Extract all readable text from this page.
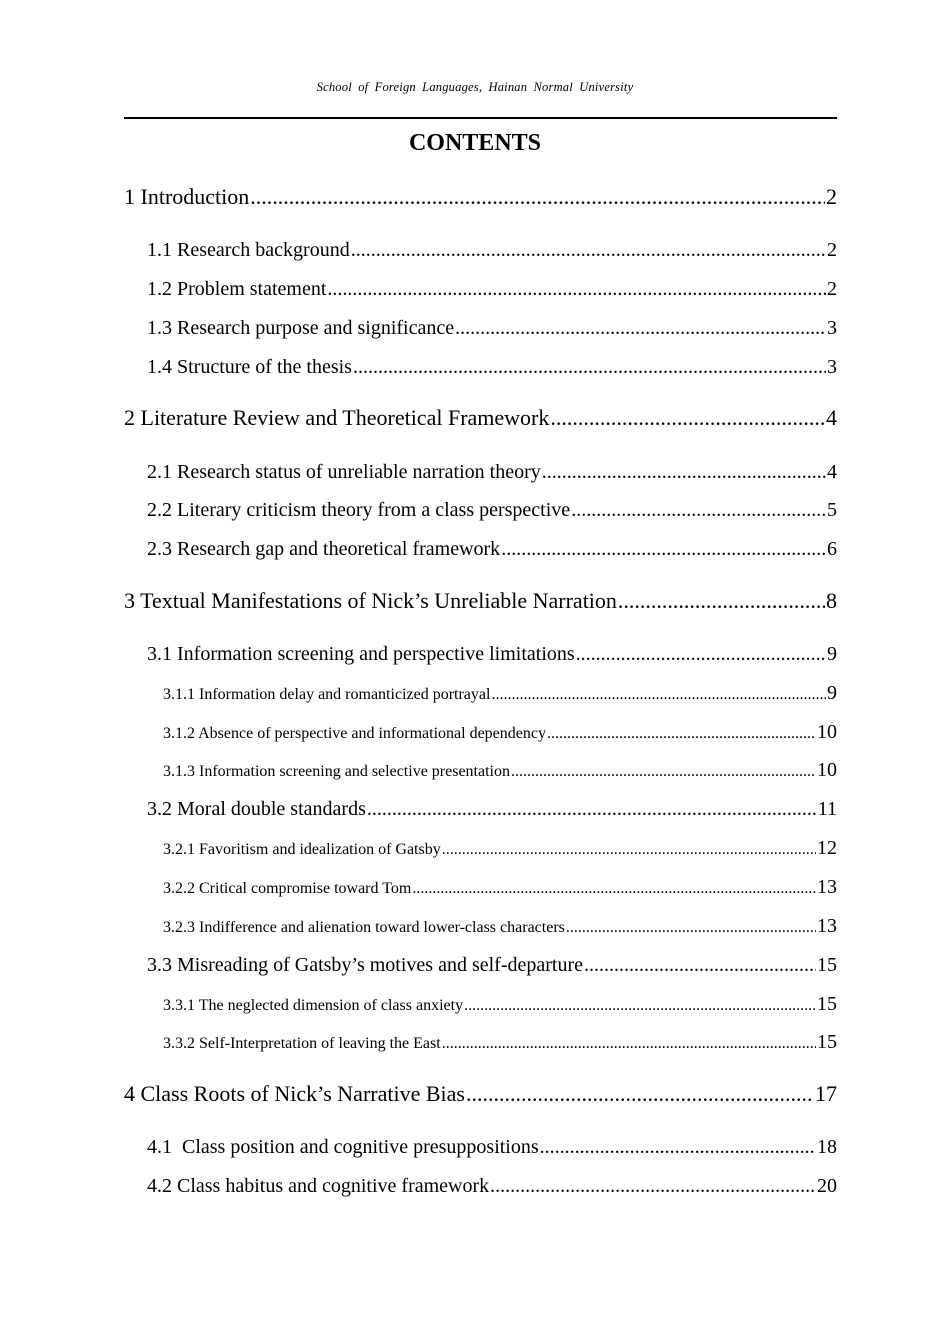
School of Foreign Languages, Hainan Normal University
CONTENTS
1 Introduction .....	2
1.1 Research background .....	2
1.2 Problem statement .....	2
1.3 Research purpose and significance .....	3
1.4 Structure of the thesis .....	3
2 Literature Review and Theoretical Framework .....	4
2.1 Research status of unreliable narration theory .....	4
2.2 Literary criticism theory from a class perspective .....	5
2.3 Research gap and theoretical framework .....	6
3 Textual Manifestations of Nick’s Unreliable Narration .....	8
3.1 Information screening and perspective limitations .....	9
3.1.1 Information delay and romanticized portrayal .....	9
3.1.2 Absence of perspective and informational dependency .....	10
3.1.3 Information screening and selective presentation .....	10
3.2 Moral double standards .....	11
3.2.1 Favoritism and idealization of Gatsby .....	12
3.2.2 Critical compromise toward Tom .....	13
3.2.3 Indifference and alienation toward lower-class characters .....	13
3.3 Misreading of Gatsby’s motives and self-departure .....	15
3.3.1 The neglected dimension of class anxiety .....	15
3.3.2 Self-Interpretation of leaving the East .....	15
4 Class Roots of Nick’s Narrative Bias .....	17
4.1  Class position and cognitive presuppositions .....	18
4.2 Class habitus and cognitive framework .....	20
